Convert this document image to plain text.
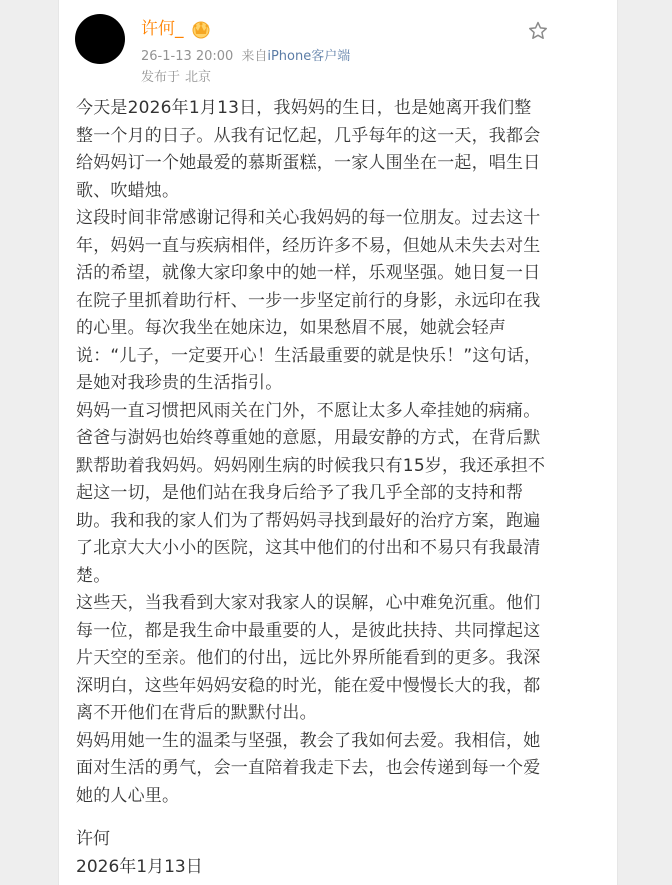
许何_
26-1-13 20:00 来自iPhone客户端
发布于 北京

今天是2026年1月13日，我妈妈的生日，也是她离开我们整整一个月的日子。从我有记忆起，几乎每年的这一天，我都会给妈妈订一个她最爱的慕斯蛋糕，一家人围坐在一起，唱生日歌、吹蜡烛。

这段时间非常感谢记得和关心我妈妈的每一位朋友。过去这十年，妈妈一直与疾病相伴，经历许多不易，但她从未失去对生活的希望，就像大家印象中的她一样，乐观坚强。她日复一日在院子里抓着助行杆、一步一步坚定前行的身影，永远印在我的心里。每次我坐在她床边，如果愁眉不展，她就会轻声说：“儿子，一定要开心！生活最重要的就是快乐！”这句话，是她对我珍贵的生活指引。

妈妈一直习惯把风雨关在门外，不愿让太多人牵挂她的病痛。爸爸与澍妈也始终尊重她的意愿，用最安静的方式，在背后默默帮助着我妈妈。妈妈刚生病的时候我只有15岁，我还承担不起这一切，是他们站在我身后给予了我几乎全部的支持和帮助。我和我的家人们为了帮妈妈寻找到最好的治疗方案，跑遍了北京大大小小的医院，这其中他们的付出和不易只有我最清楚。

这些天，当我看到大家对我家人的误解，心中难免沉重。他们每一位，都是我生命中最重要的人，是彼此扶持、共同撑起这片天空的至亲。他们的付出，远比外界所能看到的更多。我深深明白，这些年妈妈安稳的时光，能在爱中慢慢长大的我，都离不开他们在背后的默默付出。

妈妈用她一生的温柔与坚强，教会了我如何去爱。我相信，她面对生活的勇气，会一直陪着我走下去，也会传递到每一个爱她的人心里。

许何
2026年1月13日
